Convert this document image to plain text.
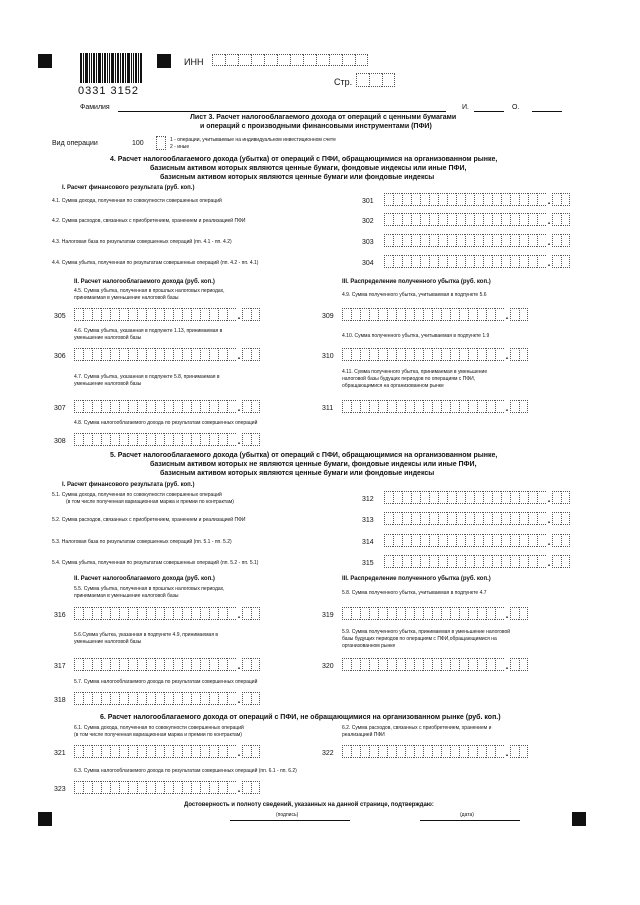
0331 3152
ИНН
Стр.
Фамилия	И.	О.
Лист 3. Расчет налогооблагаемого дохода от операций с ценными бумагами
и операций с производными финансовыми инструментами (ПФИ)
Вид операции	100	1 - операции, учитываемые на индивидуальном инвестиционном счете
2 - иные
4. Расчет налогооблагаемого дохода (убытка) от операций с ПФИ, обращающимися на организованном рынке,
базисным активом которых являются ценные бумаги, фондовые индексы или иные ПФИ,
базисным активом которых являются ценные бумаги или фондовые индексы
I. Расчет финансового результата (руб. коп.)
4.1. Сумма дохода, полученная по совокупности совершенных операций	301	.
4.2. Сумма расходов, связанных с приобретением, хранением и реализацией ПФИ	302	.
4.3. Налоговая база по результатам совершенных операций (пп. 4.1 - пп. 4.2)	303	.
4.4. Сумма убытка, полученная по результатам совершенных операций (пп. 4.2 - пп. 4.1)	304	.
II. Расчет налогооблагаемого дохода (руб. коп.)	III. Распределение полученного убытка (руб. коп.)
4.5. Сумма убытка, полученная в прошлых налоговых периодах,
принимаемая в уменьшение налоговой базы	4.9. Сумма полученного убытка, учитываемая в подпункте 5.6
305	.	309	.
4.6. Сумма убытка, указанная в подпункте 1.13, принимаемая в
уменьшение налоговой базы	4.10. Сумма полученного убытка, учитываемая в подпункте 1.9
306	.	310	.
4.7. Сумма убытка, указанная в подпункте 5.8, принимаемая в
уменьшение налоговой базы
4.11. Сумма полученного убытка, принимаемая в уменьшение
налоговой базы будущих периодов по операциям с ПФИ,
обращающимися на организованном рынке
307	.	311	.
4.8. Сумма налогооблагаемого дохода по результатам совершенных операций
308	.
5. Расчет налогооблагаемого дохода (убытка) от операций с ПФИ, обращающимися на организованном рынке,
базисным активом которых не являются ценные бумаги, фондовые индексы или иные ПФИ,
базисным активом которых являются ценные бумаги или фондовые индексы
I. Расчет финансового результата (руб. коп.)
5.1. Сумма дохода, полученная по совокупности совершенных операций
(в том числе полученная вариационная маржа и премии по контрактам)	312	.
5.2. Сумма расходов, связанных с приобретением, хранением и реализацией ПФИ	313	.
5.3. Налоговая база по результатам совершенных операций (пп. 5.1 - пп. 5.2)	314	.
5.4. Сумма убытка, полученная по результатам совершенных операций (пп. 5.2 - пп. 5.1)	315	.
II. Расчет налогооблагаемого дохода (руб. коп.)	III. Распределение полученного убытка (руб. коп.)
5.5. Сумма убытка, полученная в прошлых налоговых периодах,
принимаемая в уменьшение налоговой базы	5.8. Сумма полученного убытка, учитываемая в подпункте 4.7
316	.	319	.
5.6.Сумма убытка, указанная в подпункте 4.9, принимаемая в
уменьшение налоговой базы
5.9. Сумма полученного убытка, принимаемая в уменьшение налоговой
базы будущих периодов по операциям с ПФИ,обращающимися на
организованном рынке
317	.	320	.
5.7. Сумма налогооблагаемого дохода по результатам совершенных операций
318	.
6. Расчет налогооблагаемого дохода от операций с ПФИ, не обращающимися на организованном рынке (руб. коп.)
6.1. Сумма дохода, полученная по совокупности совершенных операций
(в том числе полученная вариационная маржа и премии по контрактам)
6.2. Сумма расходов, связанных с приобретением, хранением и
реализацией ПФИ
321	.	322	.
6.3. Сумма налогооблагаемого дохода по результатам совершенных операций (пп. 6.1 - пп. 6.2)
323	.
Достоверность и полноту сведений, указанных на данной странице, подтверждаю:
(подпись)	(дата)
